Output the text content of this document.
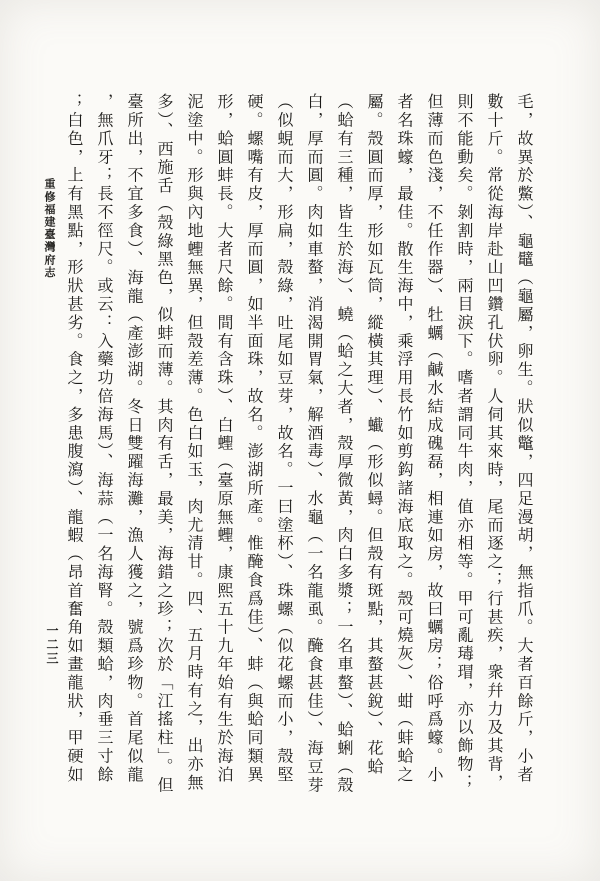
毛，故異於鱉）、龜鼊（龜屬，卵生。狀似鼈，四足漫胡，無指爪。大者百餘斤，小者
數十斤。常從海岸赴山凹鑽孔伏卵。人伺其來時，尾而逐之；行甚疾，衆幷力及其背，
則不能動矣。剝割時，兩目淚下。嗜者謂同牛肉，值亦相等。甲可亂瑇瑁，亦以飾物；
但薄而色淺，不任作器）、牡蠣（鹹水結成磈磊，相連如房，故曰蠣房；俗呼爲蠔。小
者名珠蠔，最佳。散生海中，乘浮用長竹如剪鈎諸海底取之。殼可燒灰）、蚶（蚌蛤之
屬。殼圓而厚，形如瓦筒，縱橫其理）、蠘（形似蟳。但殼有斑點，其螯甚銳）、花蛤
（蛤有三種，皆生於海）、蟯（蛤之大者，殼厚微黃，肉白多漿；一名車螯）、蛤蜊（殼
白，厚而圓。肉如車螯，消渴開胃氣，解酒毒）、水龜（一名龍虱。醃食甚佳）、海豆芽
（似蜆而大，形扁，殼綠，吐尾如豆芽，故名。一曰塗杯）、珠螺（似花螺而小，殼堅
硬。螺嘴有皮，厚而圓，如半面珠，故名。澎湖所產。惟醃食爲佳）、蚌（與蛤同類異
形，蛤圓蚌長。大者尺餘。間有含珠）、白蟶（臺原無蟶，康熙五十九年始有生於海泊
泥塗中。形與內地蟶無異，但殼差薄。色白如玉，肉尤清甘。四、五月時有之，出亦無
多）、西施舌（殼綠黑色，似蚌而薄。其肉有舌，最美，海錯之珍；次於「江搖柱」。但
臺所出，不宜多食）、海龍（產澎湖。冬日雙躍海灘，漁人獲之，號爲珍物。首尾似龍
，無爪牙；長不徑尺。或云：入藥功倍海馬）、海蒜（一名海腎。殼類蛤，肉垂三寸餘
；白色，上有黑點，形狀甚劣。食之，多患腹瀉）、龍蝦（昂首奮角如畫龍狀，甲硬如
重修福建臺灣府志
一二三
